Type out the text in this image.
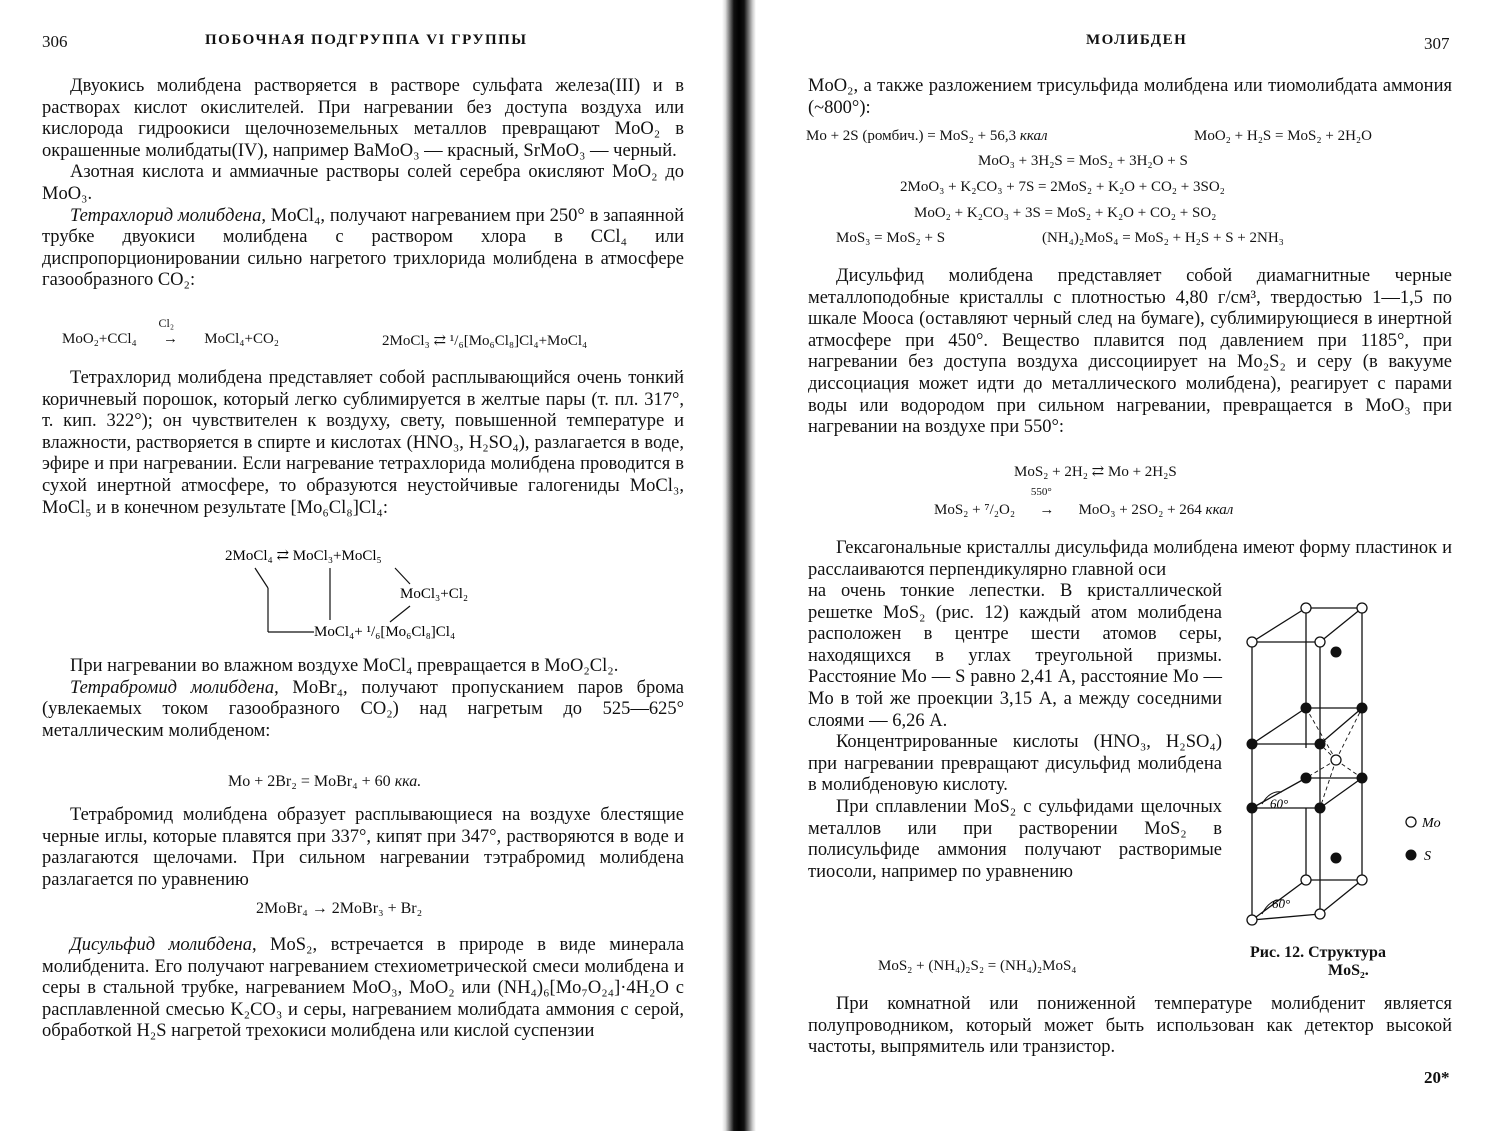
306	ПОБОЧНАЯ ПОДГРУППА VI ГРУППЫ

Двуокись молибдена растворяется в растворе сульфата железа(III) и в растворах кислот окислителей. При нагревании без доступа воздуха или кислорода гидроокиси щелочноземельных металлов превращают MoO₂ в окрашенные молибдаты(IV), например BaMoO₃ — красный, SrMoO₃ — черный.

Азотная кислота и аммиачные растворы солей серебра окисляют MoO₂ до MoO₃.

Тетрахлорид молибдена, MoCl₄, получают нагреванием при 250° в запаянной трубке двуокиси молибдена с раствором хлора в CCl₄ или диспропорционировании сильно нагретого трихлорида молибдена в атмосфере газообразного CO₂:

MoO₂+CCl₄
Cl₂
→ MoCl₄+CO₂	2MoCl₃ ⇄ ¹/₆[Mo₆Cl₈]Cl₄+MoCl₄

Тетрахлорид молибдена представляет собой расплывающийся очень тонкий коричневый порошок, который легко сублимируется в желтые пары (т. пл. 317°, т. кип. 322°); он чувствителен к воздуху, свету, повышенной температуре и влажности, растворяется в спирте и кислотах (HNO₃, H₂SO₄), разлагается в воде, эфире и при нагревании. Если нагревание тетрахлорида молибдена проводится в сухой инертной атмосфере, то образуются неустойчивые галогениды MoCl₃, MoCl₅ и в конечном результате [Mo₆Cl₈]Cl₄:

2MoCl₄ ⇄ MoCl₃+MoCl₅
MoCl₃+Cl₂
MoCl₄+ ¹/₆[Mo₆Cl₈]Cl₄

При нагревании во влажном воздухе MoCl₄ превращается в MoO₂Cl₂.

Тетрабромид молибдена, MoBr₄, получают пропусканием паров брома (увлекаемых током газообразного CO₂) над нагретым до 525—625° металлическим молибденом:

Mo + 2Br₂ = MoBr₄ + 60 кка.

Тетрабромид молибдена образует расплывающиеся на воздухе блестящие черные иглы, которые плавятся при 337°, кипят при 347°, растворяются в воде и разлагаются щелочами. При сильном нагревании тэтрабромид молибдена разлагается по уравнению

2MoBr₄ → 2MoBr₃ + Br₂

Дисульфид молибдена, MoS₂, встречается в природе в виде минерала молибденита. Его получают нагреванием стехиометрической смеси молибдена и серы в стальной трубке, нагреванием MoO₃, MoO₂ или (NH₄)₆[Mo₇O₂₄]·4H₂O с расплавленной смесью K₂CO₃ и серы, нагреванием молибдата аммония с серой, обработкой H₂S нагретой трехокиси молибдена или кислой суспензии

МОЛИБДЕН	307

MoO₂, а также разложением трисульфида молибдена или тиомолибдата аммония (~800°):

Mo + 2S (ромбич.) = MoS₂ + 56,3 ккал	MoO₂ + H₂S = MoS₂ + 2H₂O
MoO₃ + 3H₂S = MoS₂ + 3H₂O + S
2MoO₃ + K₂CO₃ + 7S = 2MoS₂ + K₂O + CO₂ + 3SO₂
MoO₂ + K₂CO₃ + 3S = MoS₂ + K₂O + CO₂ + SO₂
MoS₃ = MoS₂ + S	(NH₄)₂MoS₄ = MoS₂ + H₂S + S + 2NH₃

Дисульфид молибдена представляет собой диамагнитные черные металлоподобные кристаллы с плотностью 4,80 г/см³, твердостью 1—1,5 по шкале Мооса (оставляют черный след на бумаге), сублимирующиеся в инертной атмосфере при 450°. Вещество плавится под давлением при 1185°, при нагревании без доступа воздуха диссоциирует на Mo₂S₂ и серу (в вакууме диссоциация может идти до металлического молибдена), реагирует с парами воды или водородом при сильном нагревании, превращается в MoO₃ при нагревании на воздухе при 550°:

MoS₂ + 2H₂ ⇄ Mo + 2H₂S
MoS₂ + ⁷/₂O₂
550°
→ MoO₃ + 2SO₂ + 264 ккал

Гексагональные кристаллы дисульфида молибдена имеют форму пластинок и расслаиваются перпендикулярно главной оси

на очень тонкие лепестки. В кристаллической решетке MoS₂ (рис. 12) каждый атом молибдена расположен в центре шести атомов серы, находящихся в углах треугольной призмы. Расстояние Mo — S равно 2,41 A, расстояние Mo — Mo в той же проекции 3,15 A, а между соседними слоями — 6,26 A.

Концентрированные кислоты (HNO₃, H₂SO₄) при нагревании превращают дисульфид молибдена в молибденовую кислоту.

При сплавлении MoS₂ с сульфидами щелочных металлов или при растворении MoS₂ в полисульфиде аммония получают растворимые тиосоли, например по уравнению

MoS₂ + (NH₄)₂S₂ = (NH₄)₂MoS₄
60°
60°
Mo
S
Рис. 12. Структура
MoS₂.

При комнатной или пониженной температуре молибденит является полупроводником, который может быть использован как детектор высокой частоты, выпрямитель или транзистор.

20*
